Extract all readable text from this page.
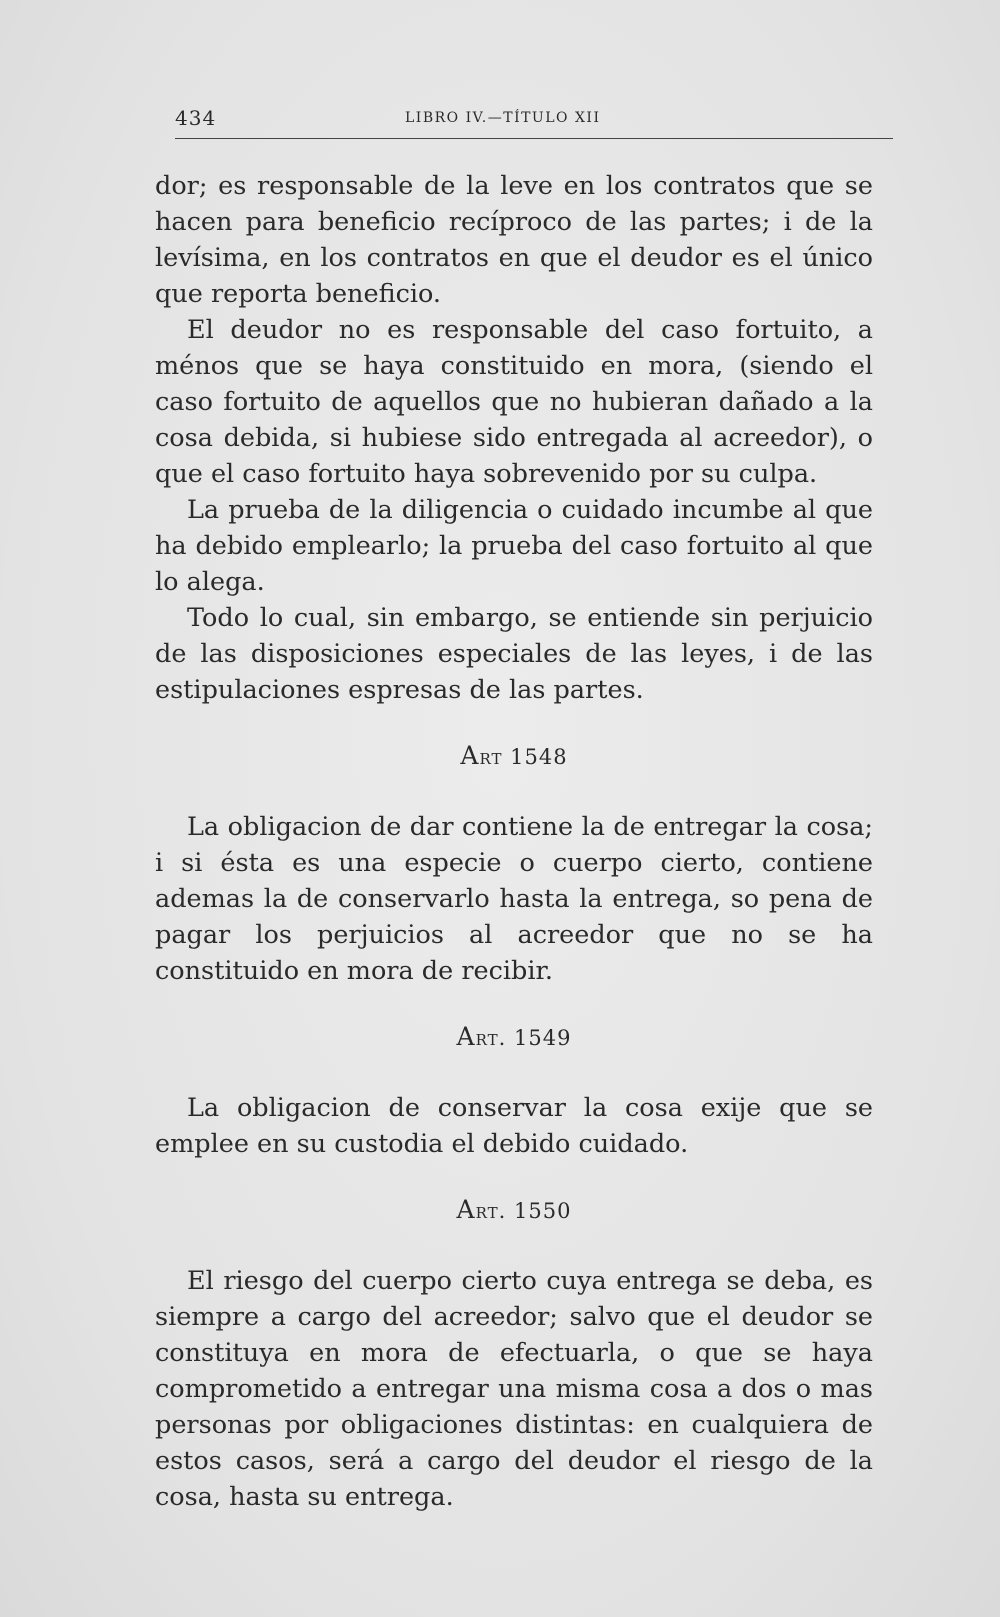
434	LIBRO IV.—TÍTULO XII

dor; es responsable de la leve en los contratos que se hacen para beneficio recíproco de las partes; i de la levísima, en los contratos en que el deudor es el único que reporta beneficio.

El deudor no es responsable del caso fortuito, a ménos que se haya constituido en mora, (siendo el caso fortuito de aquellos que no hubieran dañado a la cosa debida, si hubiese sido entregada al acreedor), o que el caso fortuito haya sobrevenido por su culpa.

La prueba de la diligencia o cuidado incumbe al que ha debido emplearlo; la prueba del caso fortuito al que lo alega.

Todo lo cual, sin embargo, se entiende sin perjuicio de las disposiciones especiales de las leyes, i de las estipulaciones espresas de las partes.

Art 1548

La obligacion de dar contiene la de entregar la cosa; i si ésta es una especie o cuerpo cierto, contiene ademas la de conservarlo hasta la entrega, so pena de pagar los perjuicios al acreedor que no se ha constituido en mora de recibir.

Art. 1549

La obligacion de conservar la cosa exije que se emplee en su custodia el debido cuidado.

Art. 1550

El riesgo del cuerpo cierto cuya entrega se deba, es siempre a cargo del acreedor; salvo que el deudor se constituya en mora de efectuarla, o que se haya comprometido a entregar una misma cosa a dos o mas personas por obligaciones distintas: en cualquiera de estos casos, será a cargo del deudor el riesgo de la cosa, hasta su entrega.
